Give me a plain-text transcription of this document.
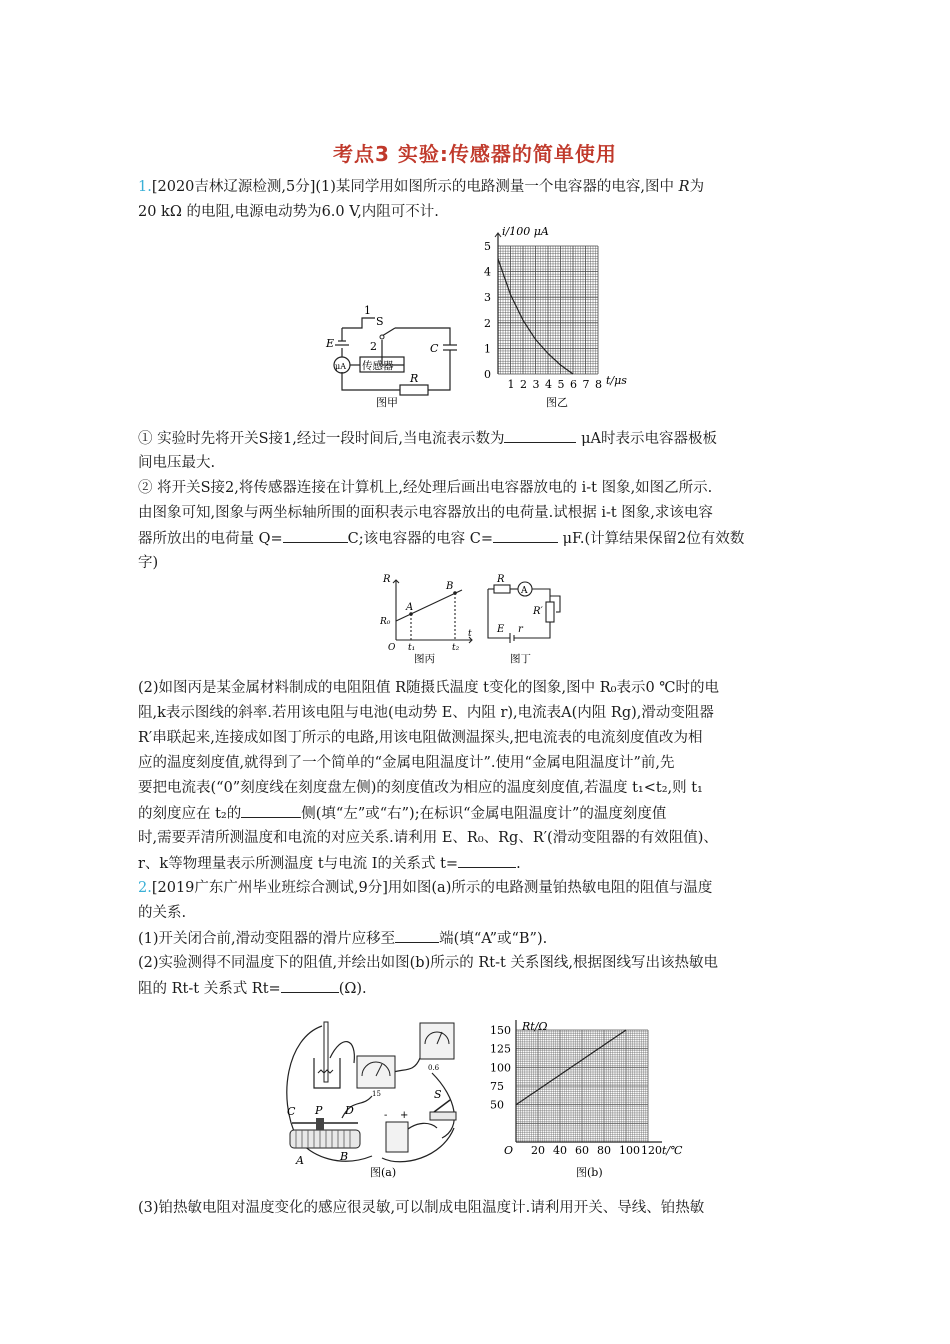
考点3 实验:传感器的简单使用

1.[2020吉林辽源检测,5分](1)某同学用如图所示的电路测量一个电容器的电容,图中 R为

20 kΩ 的电阻,电源电动势为6.0 V,内阻可不计.

1
S
2
E
μA 传感器
R
C
图甲
i/100 μA
t/μs
0
1
2
3
4
5
1 2 3 4 5 6 7 8
图乙

① 实验时先将开关S接1,经过一段时间后,当电流表示数为	μA时表示电容器极板

间电压最大.

② 将开关S接2,将传感器连接在计算机上,经处理后画出电容器放电的 i-t 图象,如图乙所示.

由图象可知,图象与两坐标轴所围的面积表示电容器放出的电荷量.试根据 i-t 图象,求该电容

器所放出的电荷量 Q=	C;该电容器的电容 C=	μF.(计算结果保留2位有效数

字)

R
A
B
R₀
O t₁	t₂
t
图丙
R
A
R′
E r
图丁

(2)如图丙是某金属材料制成的电阻阻值 R随摄氏温度 t变化的图象,图中 R₀表示0 ℃时的电

阻,k表示图线的斜率.若用该电阻与电池(电动势 E、内阻 r),电流表A(内阻 Rg),滑动变阻器

R′串联起来,连接成如图丁所示的电路,用该电阻做测温探头,把电流表的电流刻度值改为相

应的温度刻度值,就得到了一个简单的“金属电阻温度计”.使用“金属电阻温度计”前,先

要把电流表(“0”刻度线在刻度盘左侧)的刻度值改为相应的温度刻度值,若温度 t₁<t₂,则 t₁

的刻度应在 t₂的	侧(填“左”或“右”);在标识“金属电阻温度计”的温度刻度值

时,需要弄清所测温度和电流的对应关系.请利用 E、R₀、Rg、R′(滑动变阻器的有效阻值)、

r、k等物理量表示所测温度 t与电流 I的关系式 t=	.

2.[2019广东广州毕业班综合测试,9分]用如图(a)所示的电路测量铂热敏电阻的阻值与温度

的关系.

(1)开关闭合前,滑动变阻器的滑片应移至	端(填“A”或“B”).

(2)实验测得不同温度下的阻值,并绘出如图(b)所示的 Rt-t 关系图线,根据图线写出该热敏电

阻的 Rt-t 关系式 Rt=	(Ω).

15
0.6
C P D
A	B
- +
S
图(a)
Rt/Ω
t/℃
O
50
75
100
125
150
20 40 60 80 100 120
图(b)

(3)铂热敏电阻对温度变化的感应很灵敏,可以制成电阻温度计.请利用开关、导线、铂热敏
